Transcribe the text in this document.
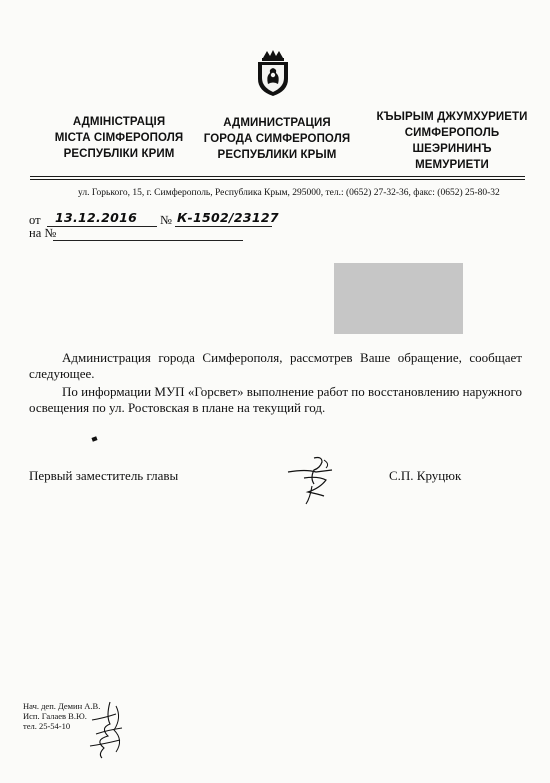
АДМІНІСТРАЦІЯ
МІСТА СІМФЕРОПОЛЯ
РЕСПУБЛІКИ КРИМ
АДМИНИСТРАЦИЯ
ГОРОДА СИМФЕРОПОЛЯ
РЕСПУБЛИКИ КРЫМ
КЪЫРЫМ ДЖУМХУРИЕТИ
СИМФЕРОПОЛЬ
ШЕЭРИНИНЪ
МЕМУРИЕТИ
ул. Горького, 15, г. Симферополь, Республика Крым, 295000, тел.: (0652) 27-32-36, факс: (0652) 25-80-32
от 13.12.2016 № К-1502/23127
на №
Администрация города Симферополя, рассмотрев Ваше обращение, сообщает следующее.
По информации МУП «Горсвет» выполнение работ по восстановлению наружного освещения по ул. Ростовская в плане на текущий год.
Первый заместитель главы	С.П. Круцюк
Нач. деп. Демин А.В.
Исп. Галаев В.Ю.
тел. 25-54-10
